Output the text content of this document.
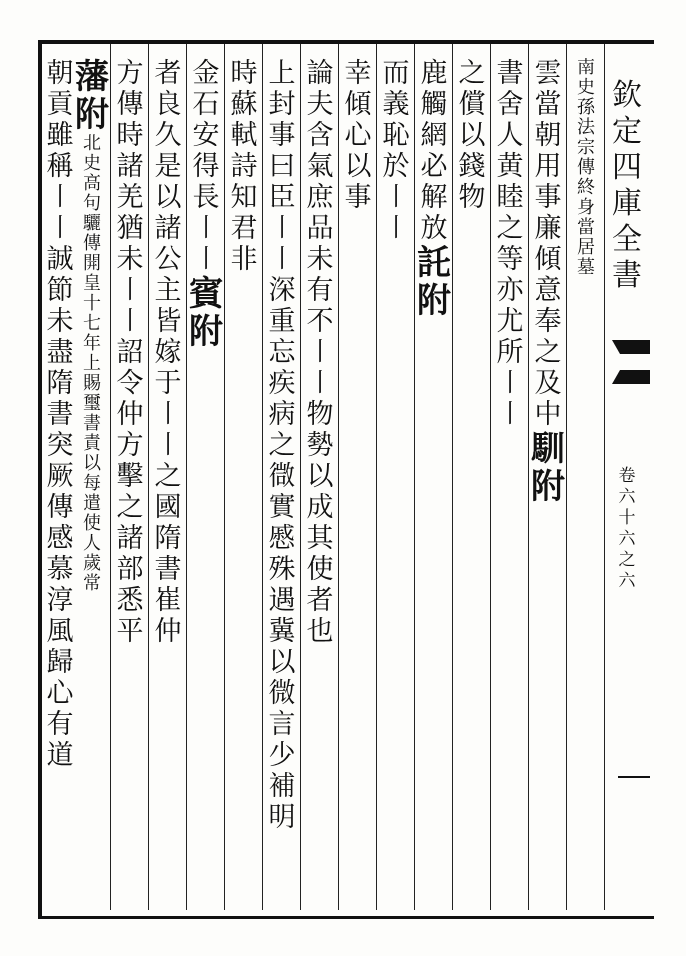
欽
定
四
庫
全
書
卷
六
十
六
之
六
南
史
孫
法
宗
傳
終
身
當
居
墓
雲
當
朝
用
事
廉
傾
意
奉
之
及
中
馴
附
書
舍
人
黄
睦
之
等
亦
尤
所
〡
〡
之
償
以
錢
物
鹿
觸
網
必
解
放
託
附
而
義
恥
於
〡
〡
幸
傾
心
以
事
論
夫
含
氣
庶
品
未
有
不
〡
〡
物
勢
以
成
其
使
者
也
上
封
事
曰
臣
〡
〡
深
重
忘
疾
病
之
㣲
實
慼
殊
遇
冀
以
微
言
少
補
明
時
蘇
軾
詩
知
君
非
金
石
安
得
長
〡
〡
賓
附
者
良
久
是
以
諸
公
主
皆
嫁
于
〡
〡
之
國
隋
書
崔
仲
方
傳
時
諸
羌
猶
未
〡
〡
詔
令
仲
方
擊
之
諸
部
悉
平
藩
附
北
史
高
句
驪
傳
開
皇
十
七
年
上
賜
璽
書
責
以
每
遣
使
人
歲
常
朝
貢
雖
稱
〡
〡
誠
節
未
盡
隋
書
突
厥
傳
感
慕
淳
風
歸
心
有
道
